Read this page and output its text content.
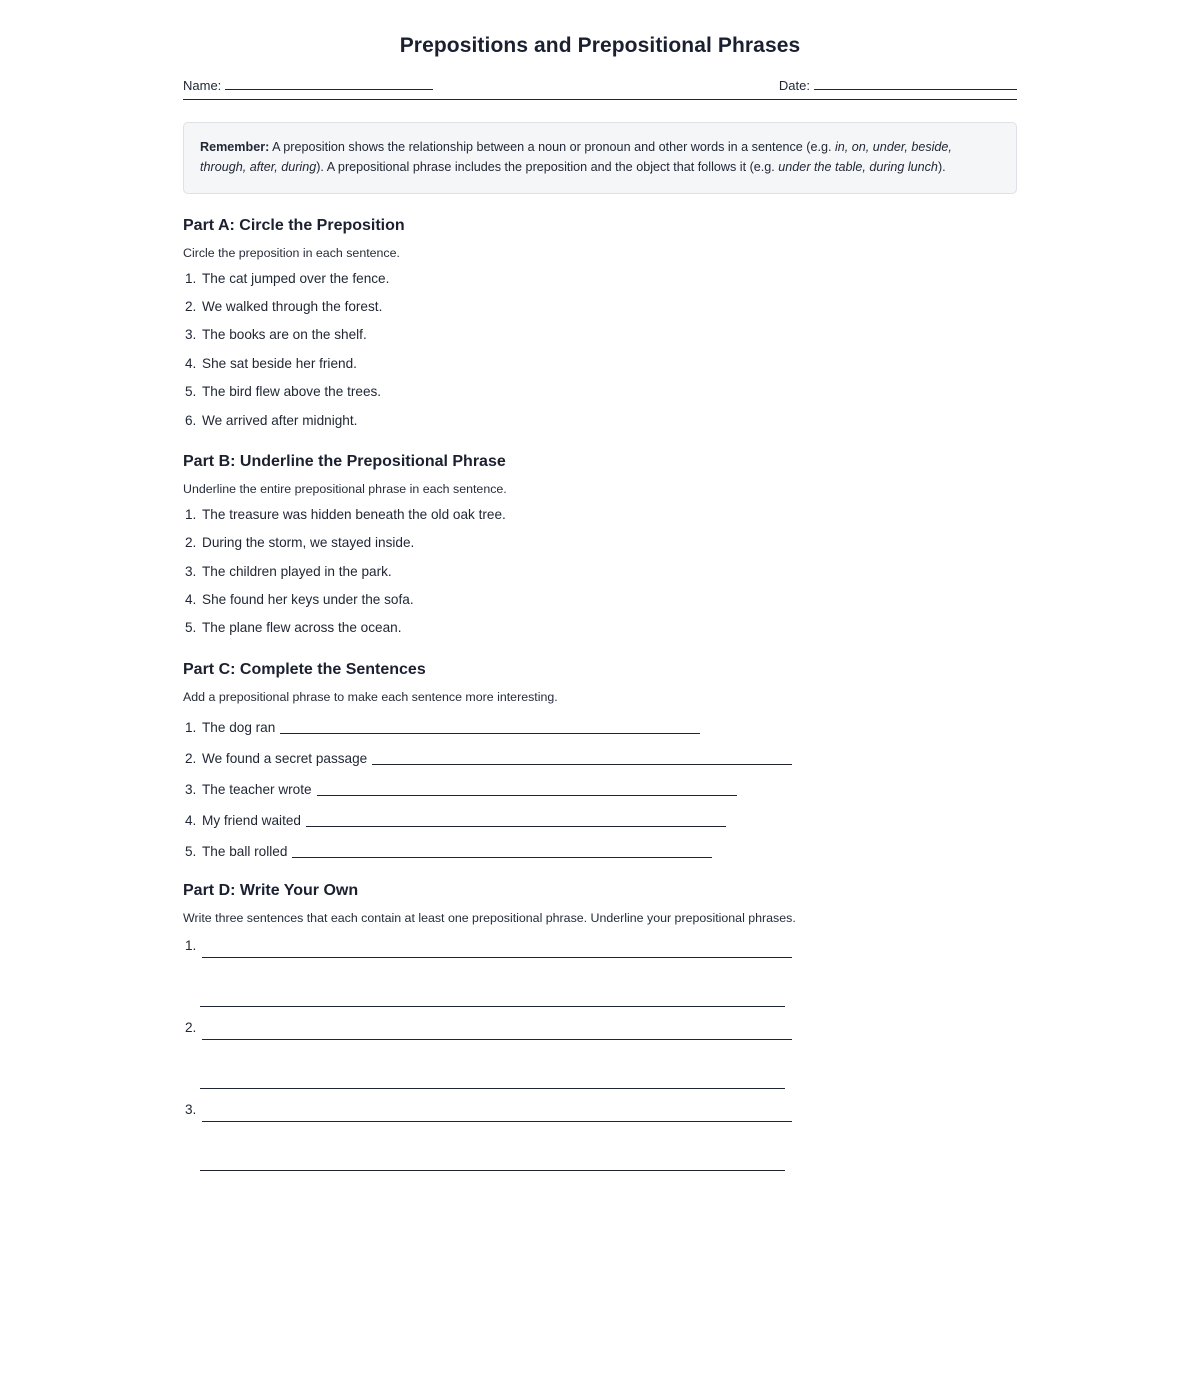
Prepositions and Prepositional Phrases
Name:	Date:
Remember: A preposition shows the relationship between a noun or pronoun and other words in a sentence (e.g. in, on, under, beside, through, after, during). A prepositional phrase includes the preposition and the object that follows it (e.g. under the table, during lunch).
Part A: Circle the Preposition

Circle the preposition in each sentence.

1. The cat jumped over the fence.
2. We walked through the forest.
3. The books are on the shelf.
4. She sat beside her friend.
5. The bird flew above the trees.
6. We arrived after midnight.
Part B: Underline the Prepositional Phrase

Underline the entire prepositional phrase in each sentence.

1. The treasure was hidden beneath the old oak tree.
2. During the storm, we stayed inside.
3. The children played in the park.
4. She found her keys under the sofa.
5. The plane flew across the ocean.
Part C: Complete the Sentences

Add a prepositional phrase to make each sentence more interesting.

1. The dog ran
2. We found a secret passage
3. The teacher wrote
4. My friend waited
5. The ball rolled
Part D: Write Your Own

Write three sentences that each contain at least one prepositional phrase. Underline your prepositional phrases.

1.
2.
3.
